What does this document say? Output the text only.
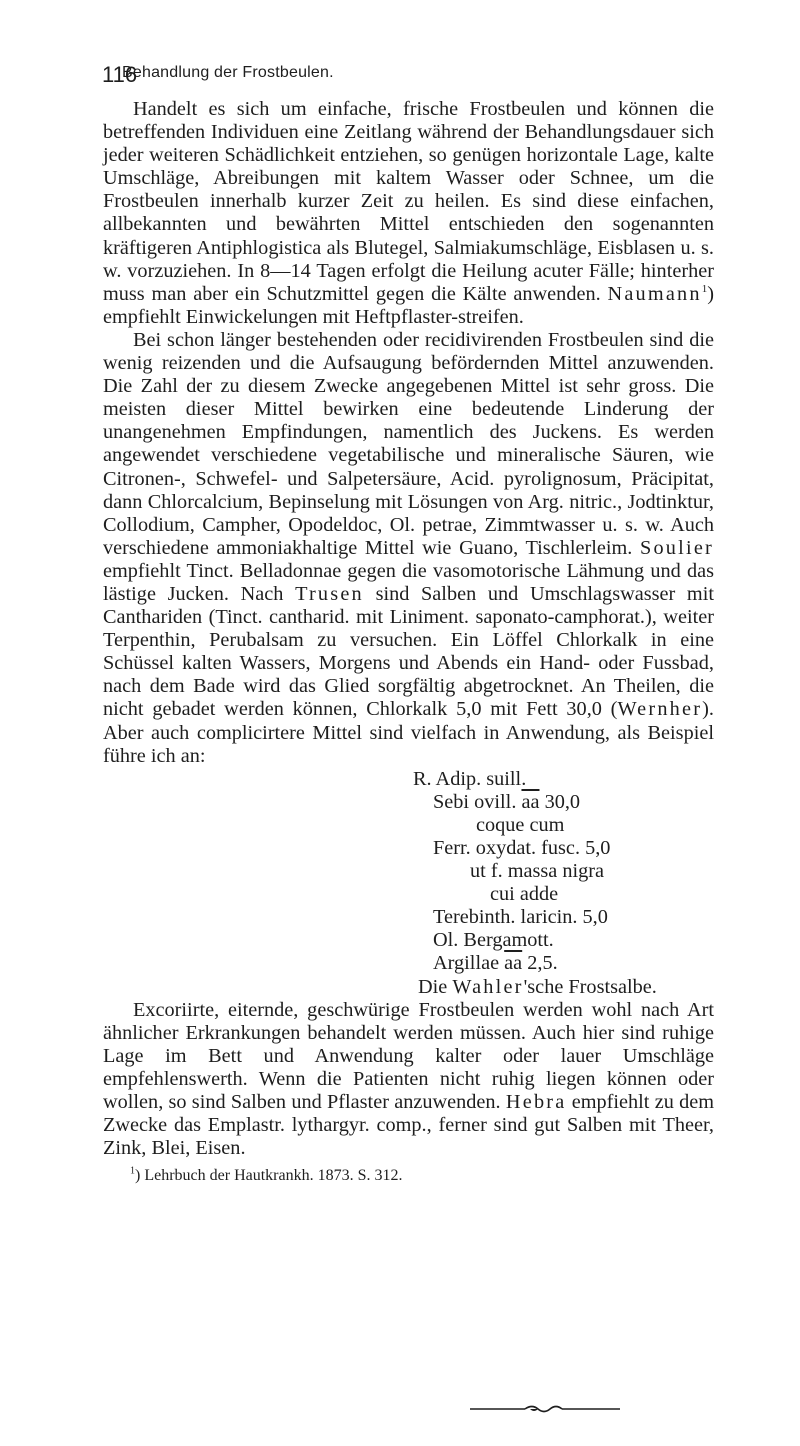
116
Behandlung der Frostbeulen.

Handelt es sich um einfache, frische Frostbeulen und können die betreffenden Individuen eine Zeitlang während der Behandlungsdauer sich jeder weiteren Schädlichkeit entziehen, so genügen horizontale Lage, kalte Umschläge, Abreibungen mit kaltem Wasser oder Schnee, um die Frostbeulen innerhalb kurzer Zeit zu heilen. Es sind diese einfachen, allbekannten und bewährten Mittel entschieden den sogenannten kräftigeren Antiphlogistica als Blutegel, Salmiakumschläge, Eisblasen u. s. w. vorzuziehen. In 8—14 Tagen erfolgt die Heilung acuter Fälle; hinterher muss man aber ein Schutzmittel gegen die Kälte anwenden. Naumann$^1$) empfiehlt Einwickelungen mit Heftpflaster-streifen.

Bei schon länger bestehenden oder recidivirenden Frostbeulen sind die wenig reizenden und die Aufsaugung befördernden Mittel anzuwenden. Die Zahl der zu diesem Zwecke angegebenen Mittel ist sehr gross. Die meisten dieser Mittel bewirken eine bedeutende Linderung der unangenehmen Empfindungen, namentlich des Juckens. Es werden angewendet verschiedene vegetabilische und mineralische Säuren, wie Citronen-, Schwefel- und Salpetersäure, Acid. pyrolignosum, Präcipitat, dann Chlorcalcium, Bepinselung mit Lösungen von Arg. nitric., Jodtinktur, Collodium, Campher, Opodeldoc, Ol. petrae, Zimmtwasser u. s. w. Auch verschiedene ammoniakhaltige Mittel wie Guano, Tischlerleim. Soulier empfiehlt Tinct. Belladonnae gegen die vasomotorische Lähmung und das lästige Jucken. Nach Trusen sind Salben und Umschlagswasser mit Canthariden (Tinct. cantharid. mit Liniment. saponato-camphorat.), weiter Terpenthin, Perubalsam zu versuchen. Ein Löffel Chlorkalk in eine Schüssel kalten Wassers, Morgens und Abends ein Hand- oder Fussbad, nach dem Bade wird das Glied sorgfältig abgetrocknet. An Theilen, die nicht gebadet werden können, Chlorkalk 5,0 mit Fett 30,0 (Wernher). Aber auch complicirtere Mittel sind vielfach in Anwendung, als Beispiel führe ich an:

R. Adip. suill.
Sebi ovill. $\overline{aa}$ 30,0
coque cum
Ferr. oxydat. fusc. 5,0
ut f. massa nigra
cui adde
Terebinth. laricin. 5,0
Ol. Bergamott.
Argillae $\overline{aa}$ 2,5.
Die Wahler'sche Frostsalbe.

Excoriirte, eiternde, geschwürige Frostbeulen werden wohl nach Art ähnlicher Erkrankungen behandelt werden müssen. Auch hier sind ruhige Lage im Bett und Anwendung kalter oder lauer Umschläge empfehlenswerth. Wenn die Patienten nicht ruhig liegen können oder wollen, so sind Salben und Pflaster anzuwenden. Hebra empfiehlt zu dem Zwecke das Emplastr. lythargyr. comp., ferner sind gut Salben mit Theer, Zink, Blei, Eisen.

$^1$) Lehrbuch der Hautkrankh. 1873. S. 312.
